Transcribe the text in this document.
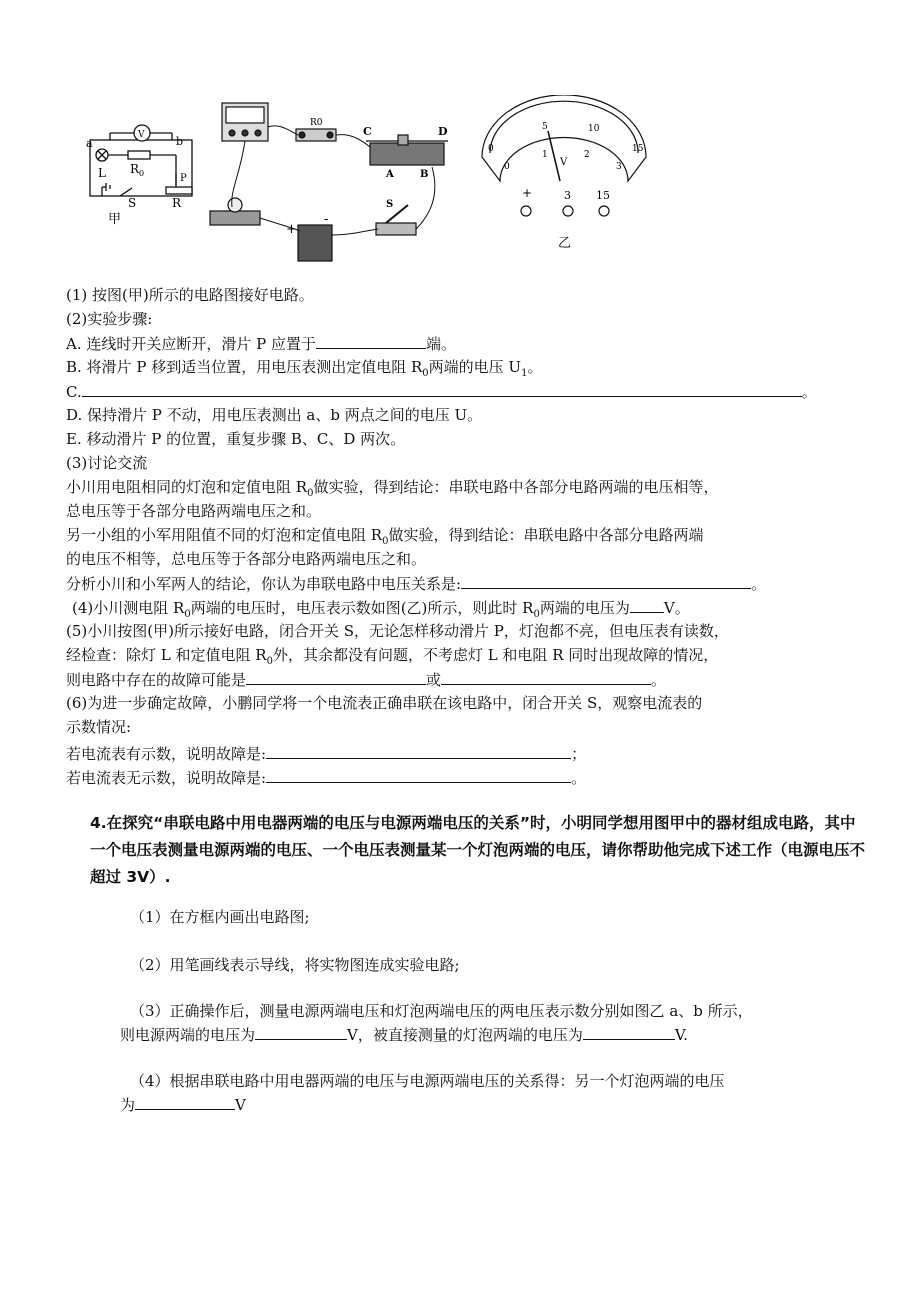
a	b
V
L $R_0$	P
S	R
甲
R0
C	D
A	B
+
-
S
0
5	10
15
0
1	2
3
V
+	3 15
乙
(1) 按图(甲)所示的电路图接好电路。
(2)实验步骤:
A. 连线时开关应断开，滑片 P 应置于	端。
B. 将滑片 P 移到适当位置，用电压表测出定值电阻 $R_0$两端的电压 $U_1$。
C.	。
D. 保持滑片 P 不动，用电压表测出 a、b 两点之间的电压 U。
E. 移动滑片 P 的位置，重复步骤 B、C、D 两次。
(3)讨论交流
小川用电阻相同的灯泡和定值电阻 $R_0$做实验，得到结论：串联电路中各部分电路两端的电压相等，
总电压等于各部分电路两端电压之和。
另一小组的小军用阻值不同的灯泡和定值电阻 $R_0$做实验，得到结论：串联电路中各部分电路两端
的电压不相等，总电压等于各部分电路两端电压之和。
分析小川和小军两人的结论，你认为串联电路中电压关系是:	。
(4)小川测电阻 $R_0$两端的电压时，电压表示数如图(乙)所示，则此时 $R_0$两端的电压为 V。
(5)小川按图(甲)所示接好电路，闭合开关 S，无论怎样移动滑片 P，灯泡都不亮，但电压表有读数，
经检查：除灯 L 和定值电阻 $R_0$外，其余都没有问题，不考虑灯 L 和电阻 R 同时出现故障的情况，
则电路中存在的故障可能是	或	。
(6)为进一步确定故障，小鹏同学将一个电流表正确串联在该电路中，闭合开关 S，观察电流表的
示数情况:
若电流表有示数，说明故障是:	；
若电流表无示数，说明故障是:	。
4.在探究“串联电路中用电器两端的电压与电源两端电压的关系”时，小明同学想用图甲中的器材组成电路，其中一个电压表测量电源两端的电压、一个电压表测量某一个灯泡两端的电压，请你帮助他完成下述工作（电源电压不超过 3V）.
（1）在方框内画出电路图;
（2）用笔画线表示导线，将实物图连成实验电路;
（3）正确操作后，测量电源两端电压和灯泡两端电压的两电压表示数分别如图乙 a、b 所示，
则电源两端的电压为	V，被直接测量的灯泡两端的电压为	V.
（4）根据串联电路中用电器两端的电压与电源两端电压的关系得：另一个灯泡两端的电压
为	V
